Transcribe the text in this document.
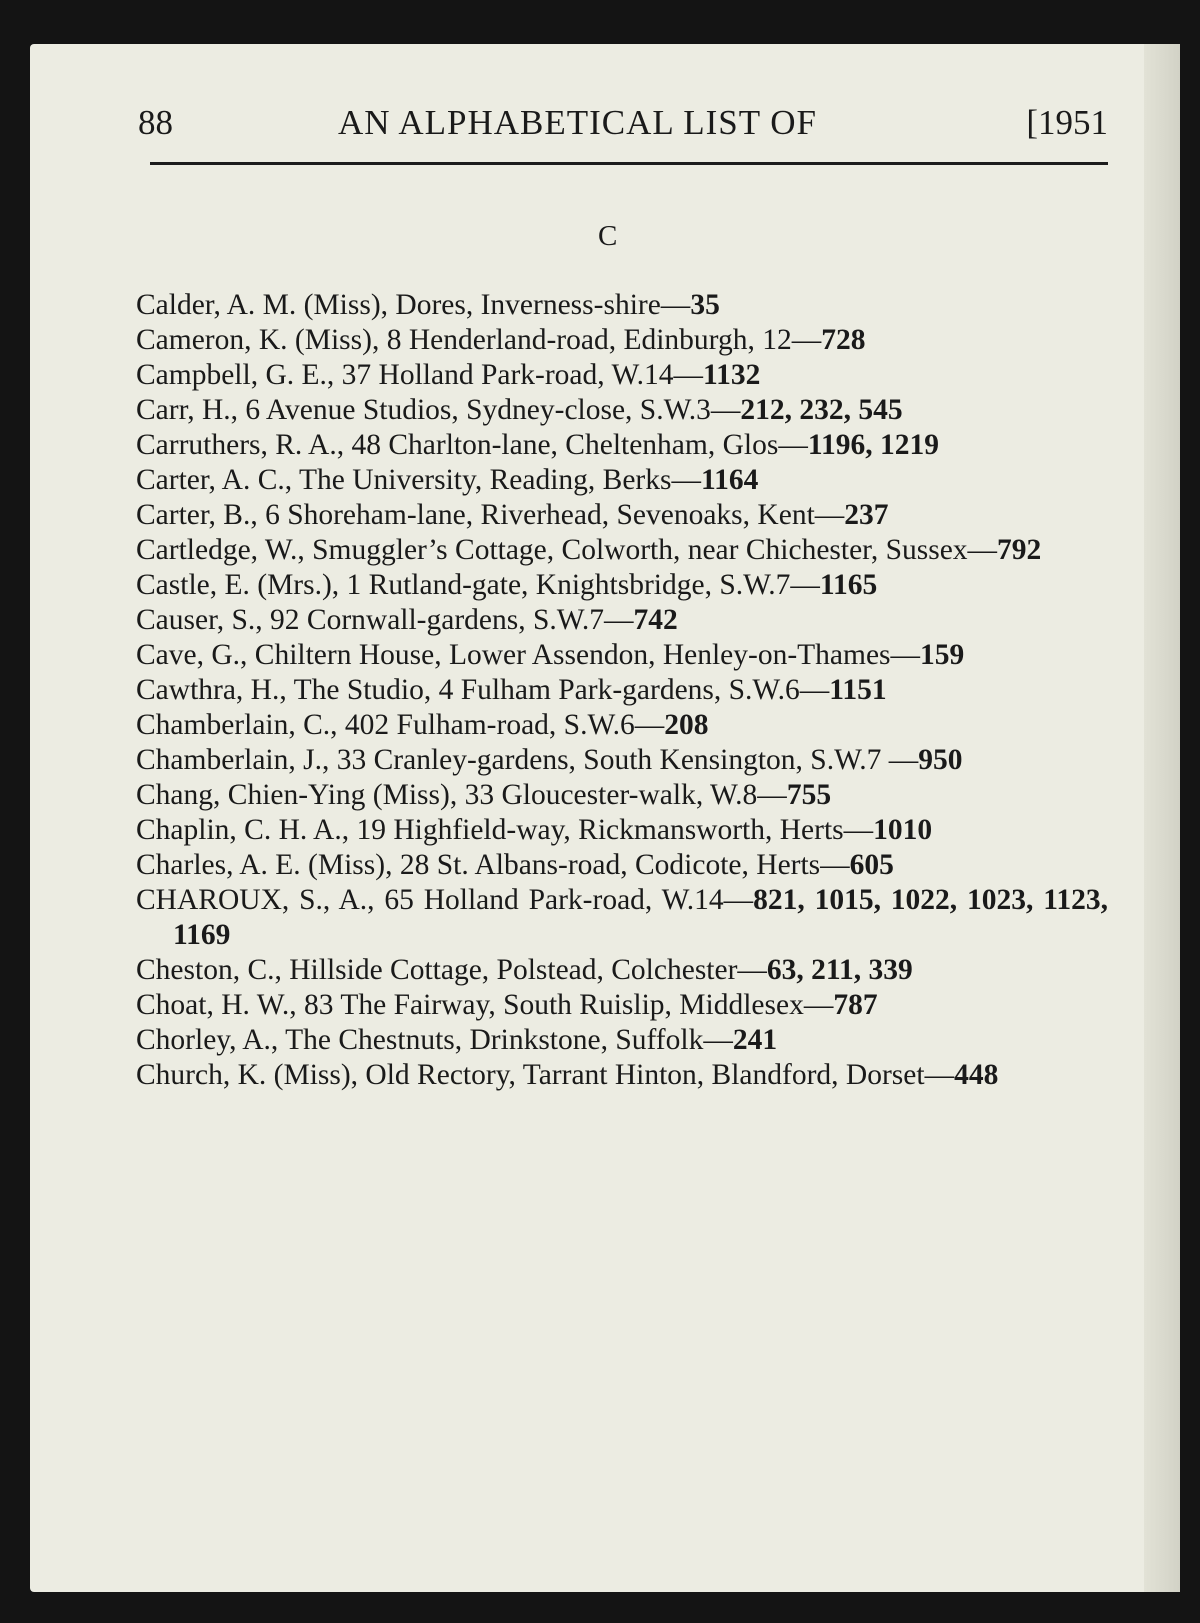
88	AN ALPHABETICAL LIST OF	[1951
C
Calder, A. M. (Miss), Dores, Inverness-shire—35
Cameron, K. (Miss), 8 Henderland-road, Edinburgh, 12—728
Campbell, G. E., 37 Holland Park-road, W.14—1132
Carr, H., 6 Avenue Studios, Sydney-close, S.W.3—212, 232, 545
Carruthers, R. A., 48 Charlton-lane, Cheltenham, Glos—1196, 1219
Carter, A. C., The University, Reading, Berks—1164
Carter, B., 6 Shoreham-lane, Riverhead, Sevenoaks, Kent—237
Cartledge, W., Smuggler’s Cottage, Colworth, near Chichester, Sussex—792
Castle, E. (Mrs.), 1 Rutland-gate, Knightsbridge, S.W.7—1165
Causer, S., 92 Cornwall-gardens, S.W.7—742
Cave, G., Chiltern House, Lower Assendon, Henley-on-Thames—159
Cawthra, H., The Studio, 4 Fulham Park-gardens, S.W.6—1151
Chamberlain, C., 402 Fulham-road, S.W.6—208
Chamberlain, J., 33 Cranley-gardens, South Kensington, S.W.7 —950
Chang, Chien-Ying (Miss), 33 Gloucester-walk, W.8—755
Chaplin, C. H. A., 19 Highfield-way, Rickmansworth, Herts—1010
Charles, A. E. (Miss), 28 St. Albans-road, Codicote, Herts—605
CHAROUX, S., A., 65 Holland Park-road, W.14—821, 1015, 1022, 1023, 1123, 1169
Cheston, C., Hillside Cottage, Polstead, Colchester—63, 211, 339
Choat, H. W., 83 The Fairway, South Ruislip, Middlesex—787
Chorley, A., The Chestnuts, Drinkstone, Suffolk—241
Church, K. (Miss), Old Rectory, Tarrant Hinton, Blandford, Dorset—448
